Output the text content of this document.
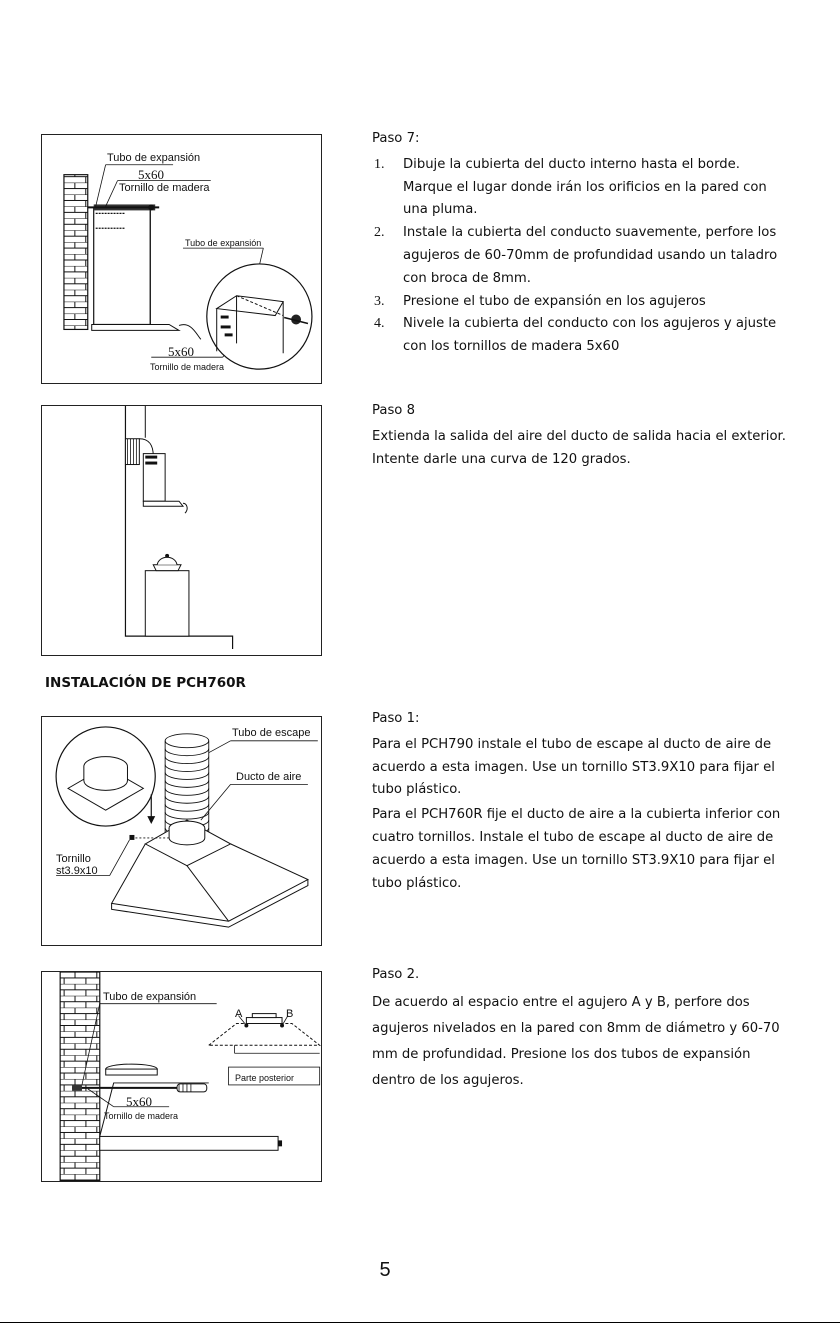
Tubo de expansión
5x60
Tornillo de madera
Tubo de expansión
5x60
Tornillo de madera

Paso 7:

1. Dibuje la cubierta del ducto interno hasta el borde. Marque el lugar donde irán los orificios en la pared con una pluma.
2. Instale la cubierta del conducto suavemente, perfore los agujeros de 60-70mm de profundidad usando un taladro con broca de 8mm.
3. Presione el tubo de expansión en los agujeros
4. Nivele la cubierta del conducto con los agujeros y ajuste con los tornillos de madera 5x60

Paso 8

Extienda la salida del aire del ducto de salida hacia el exterior. Intente darle una curva de 120 grados.

INSTALACIÓN DE PCH760R
Tubo de escape
Ducto de aire
Tornillo
st3.9x10

Paso 1:

Para el PCH790 instale el tubo de escape al ducto de aire de acuerdo a esta imagen. Use un tornillo ST3.9X10 para fijar el tubo plástico.

Para el PCH760R fije el ducto de aire a la cubierta inferior con cuatro tornillos. Instale el tubo de escape al ducto de aire de acuerdo a esta imagen. Use un tornillo ST3.9X10 para fijar el tubo plástico.

Tubo de expansión
A	B
Parte posterior
5x60
Tornillo de madera

Paso 2.

De acuerdo al espacio entre el agujero A y B, perfore dos agujeros nivelados en la pared con 8mm de diámetro y 60-70 mm de profundidad. Presione los dos tubos de expansión dentro de los agujeros.

5
